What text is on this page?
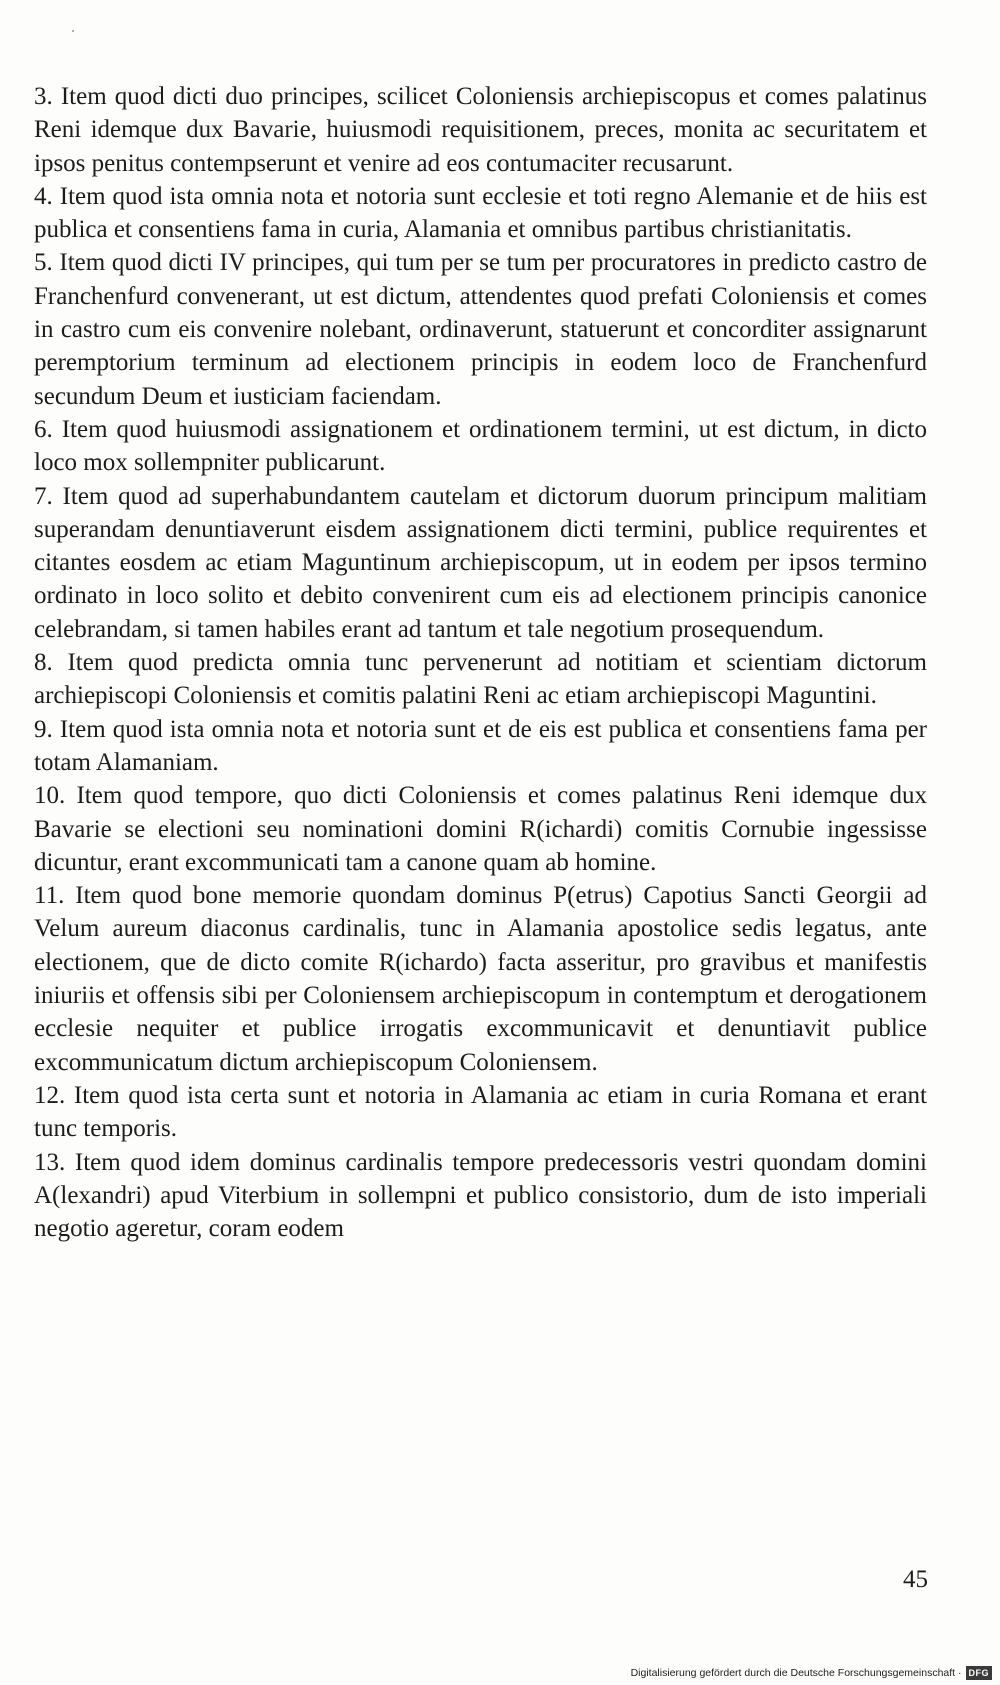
3. Item quod dicti duo principes, scilicet Coloniensis archiepiscopus et comes palatinus Reni idemque dux Bavarie, huiusmodi requisitionem, preces, monita ac securitatem et ipsos penitus contempserunt et venire ad eos contumaciter recusarunt.

4. Item quod ista omnia nota et notoria sunt ecclesie et toti regno Alemanie et de hiis est publica et consentiens fama in curia, Alamania et omnibus partibus christianitatis.

5. Item quod dicti IV principes, qui tum per se tum per procuratores in predicto castro de Franchenfurd convenerant, ut est dictum, attendentes quod prefati Coloniensis et comes in castro cum eis convenire nolebant, ordinaverunt, statuerunt et concorditer assignarunt peremptorium terminum ad electionem principis in eodem loco de Franchenfurd secundum Deum et iusticiam faciendam.

6. Item quod huiusmodi assignationem et ordinationem termini, ut est dictum, in dicto loco mox sollempniter publicarunt.

7. Item quod ad superhabundantem cautelam et dictorum duorum principum malitiam superandam denuntiaverunt eisdem assignationem dicti termini, publice requirentes et citantes eosdem ac etiam Maguntinum archiepiscopum, ut in eodem per ipsos termino ordinato in loco solito et debito convenirent cum eis ad electionem principis canonice celebrandam, si tamen habiles erant ad tantum et tale negotium prosequendum.

8. Item quod predicta omnia tunc pervenerunt ad notitiam et scientiam dictorum archiepiscopi Coloniensis et comitis palatini Reni ac etiam archiepiscopi Maguntini.

9. Item quod ista omnia nota et notoria sunt et de eis est publica et consentiens fama per totam Alamaniam.

10. Item quod tempore, quo dicti Coloniensis et comes palatinus Reni idemque dux Bavarie se electioni seu nominationi domini R(ichardi) comitis Cornubie ingessisse dicuntur, erant excommunicati tam a canone quam ab homine.

11. Item quod bone memorie quondam dominus P(etrus) Capotius Sancti Georgii ad Velum aureum diaconus cardinalis, tunc in Alamania apostolice sedis legatus, ante electionem, que de dicto comite R(ichardo) facta asseritur, pro gravibus et manifestis iniuriis et offensis sibi per Coloniensem archiepiscopum in contemptum et derogationem ecclesie nequiter et publice irrogatis excommunicavit et denuntiavit publice excommunicatum dictum archiepiscopum Coloniensem.

12. Item quod ista certa sunt et notoria in Alamania ac etiam in curia Romana et erant tunc temporis.

13. Item quod idem dominus cardinalis tempore predecessoris vestri quondam domini A(lexandri) apud Viterbium in sollempni et publico consistorio, dum de isto imperiali negotio ageretur, coram eodem

45
Digitalisierung gefördert durch die Deutsche Forschungsgemeinschaft · DFG
